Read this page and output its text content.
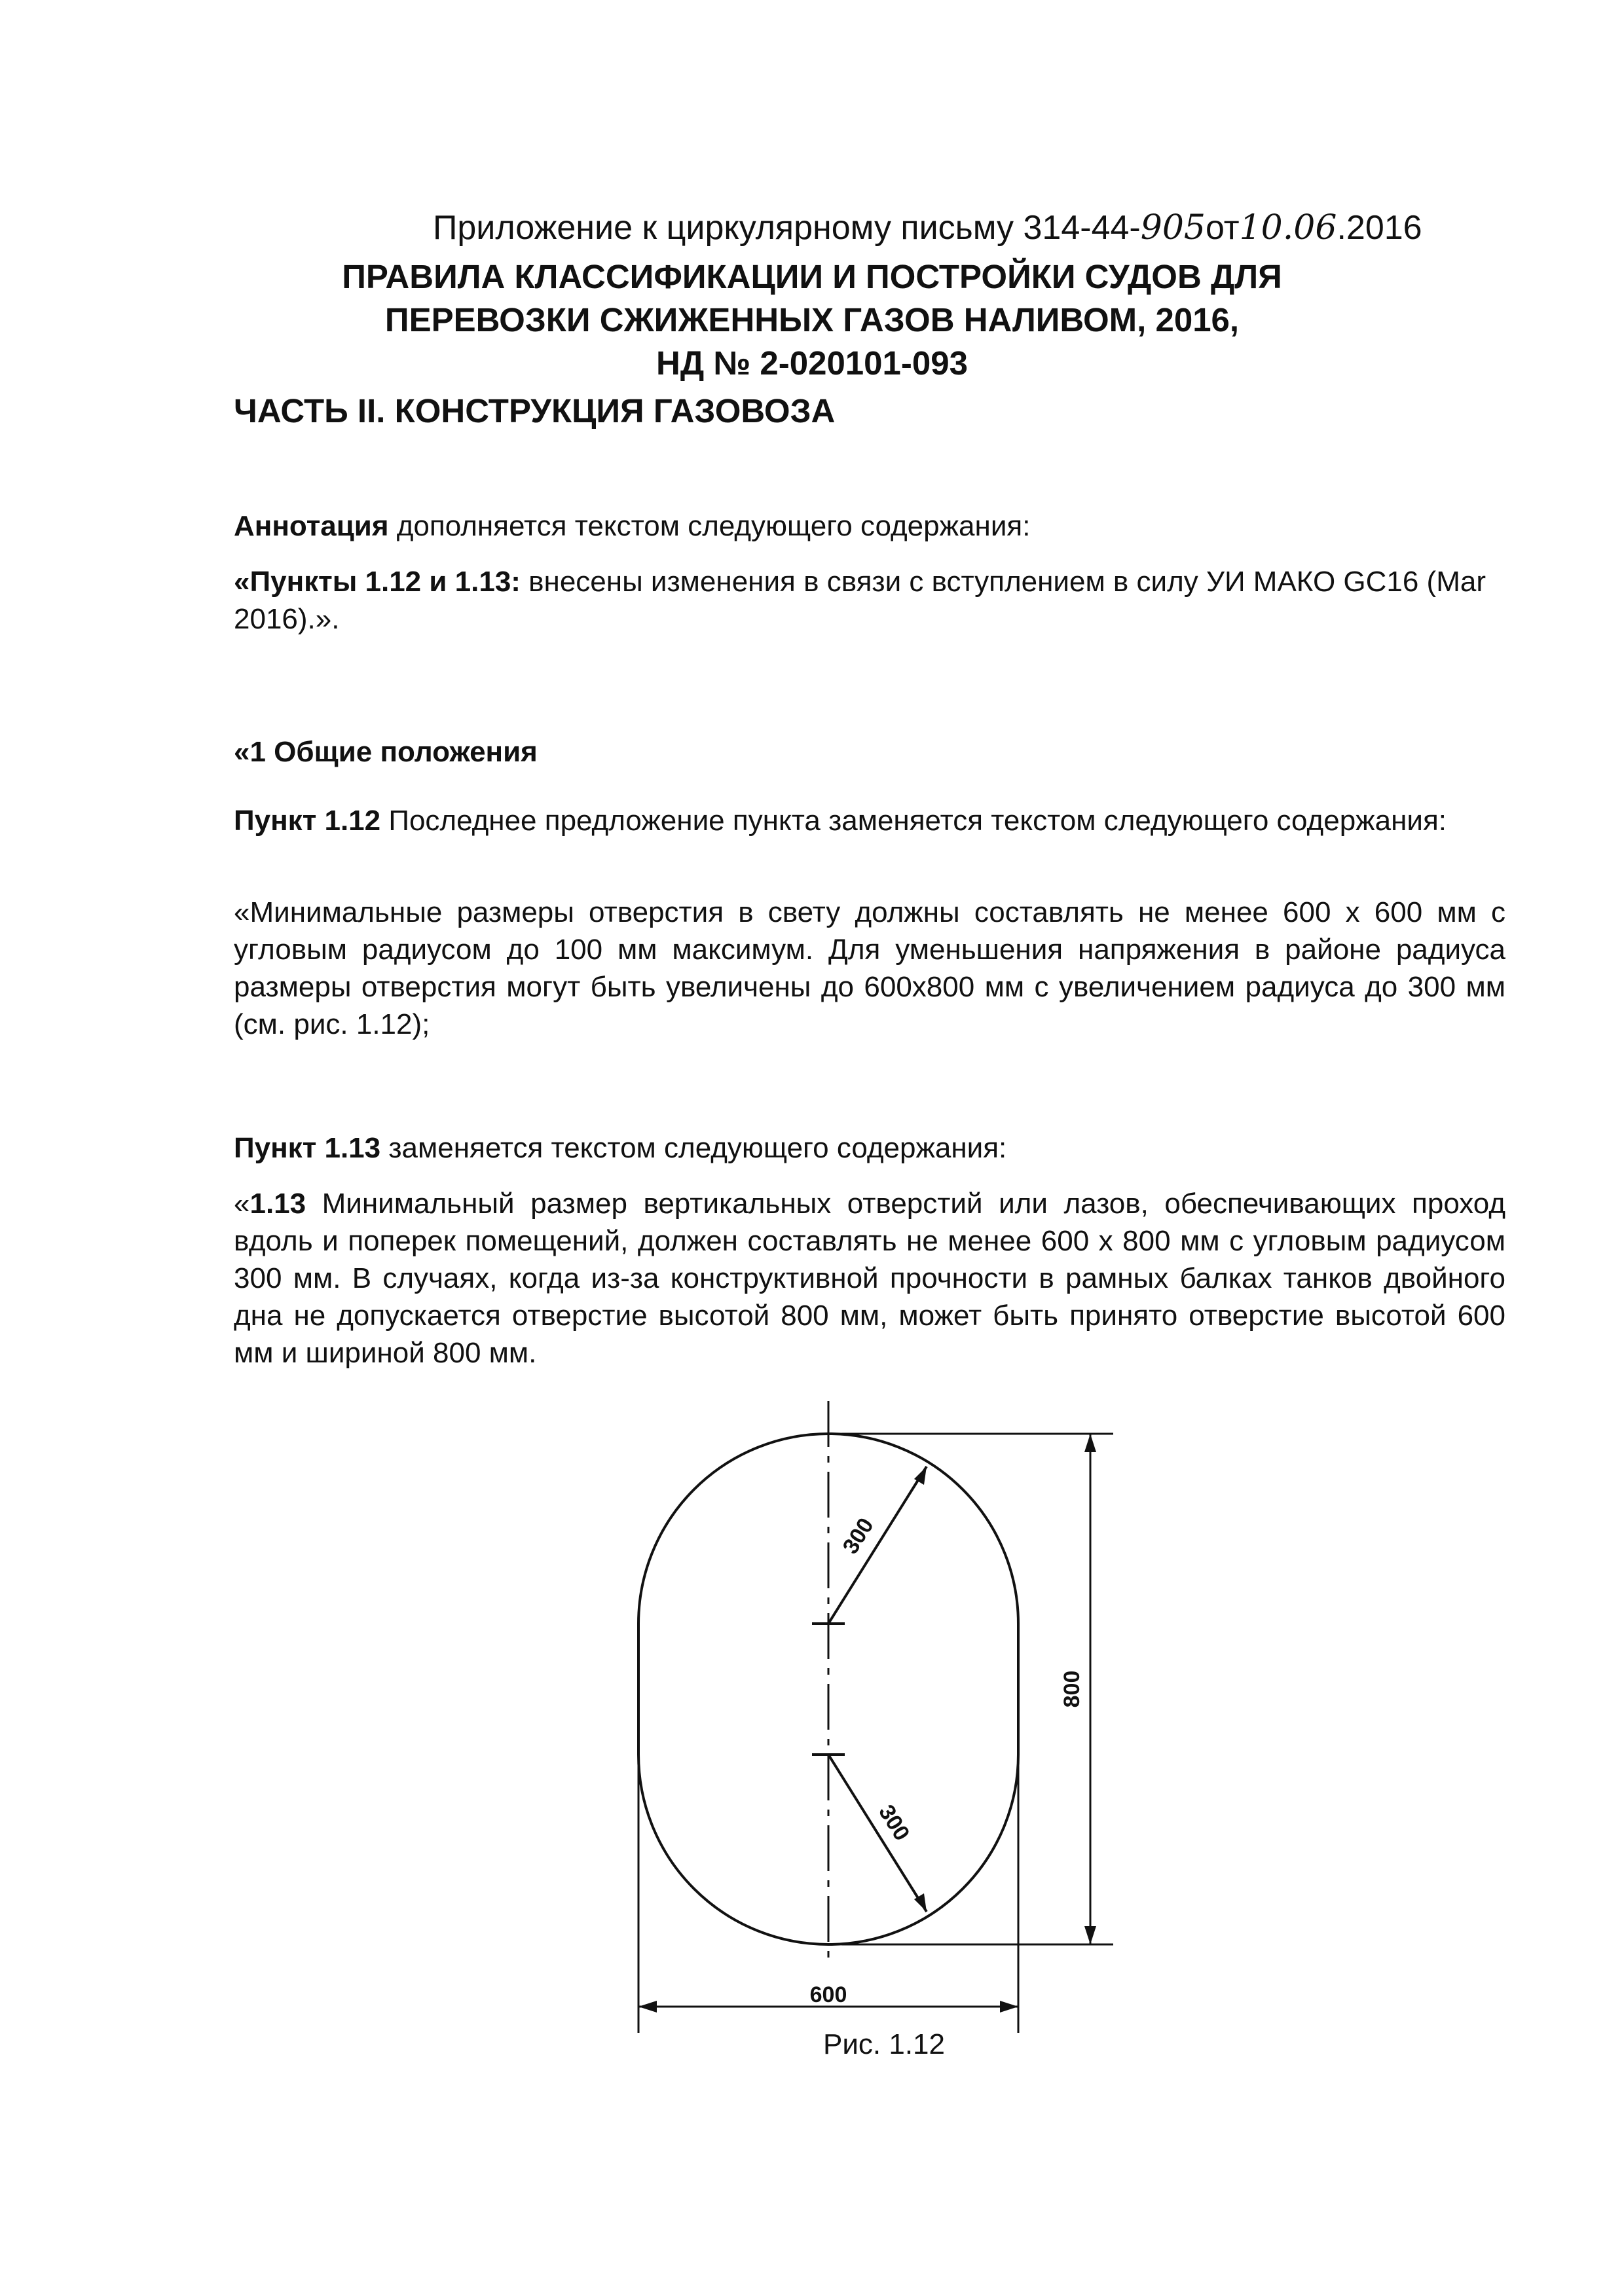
Приложение к циркулярному письму 314-44-905от10.06.2016
ПРАВИЛА КЛАССИФИКАЦИИ И ПОСТРОЙКИ СУДОВ ДЛЯ
ПЕРЕВОЗКИ СЖИЖЕННЫХ ГАЗОВ НАЛИВОМ, 2016,
НД № 2-020101-093
ЧАСТЬ II. КОНСТРУКЦИЯ ГАЗОВОЗА
Аннотация дополняется текстом следующего содержания:
«Пункты 1.12 и 1.13: внесены изменения в связи с вступлением в силу УИ МАКО GC16 (Mar 2016).».
«1 Общие положения
Пункт 1.12 Последнее предложение пункта заменяется текстом следующего содержания:
«Минимальные размеры отверстия в свету должны составлять не менее 600 х 600 мм с угловым радиусом до 100 мм максимум. Для уменьшения напряжения в районе радиуса размеры отверстия могут быть увеличены до 600х800 мм с увеличением радиуса до 300 мм (см. рис. 1.12);
Пункт 1.13 заменяется текстом следующего содержания:
«1.13 Минимальный размер вертикальных отверстий или лазов, обеспечивающих проход вдоль и поперек помещений, должен составлять не менее 600 х 800 мм с угловым радиусом 300 мм. В случаях, когда из-за конструктивной прочности в рамных балках танков двойного дна не допускается отверстие высотой 800 мм, может быть принято отверстие высотой 600 мм и шириной 800 мм.
600
800
300
300
Рис. 1.12
